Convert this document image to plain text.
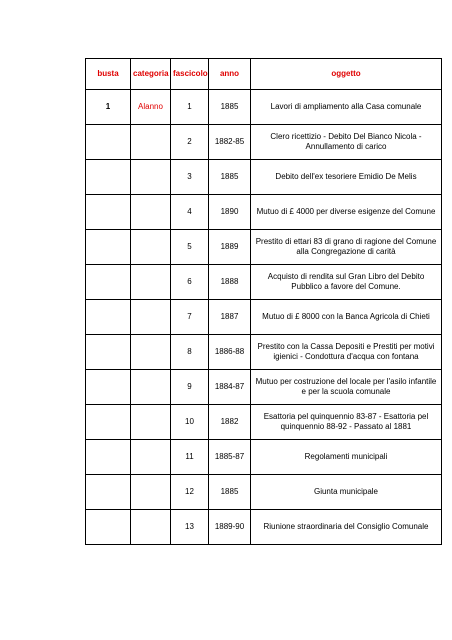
busta	categoria	fascicolo	anno	oggetto
1	Alanno	1	1885	Lavori di ampliamento alla Casa comunale
		2	1882-85	Clero ricettizio - Debito Del Bianco Nicola - Annullamento di carico
		3	1885	Debito dell'ex tesoriere Emidio De Melis
		4	1890	Mutuo di £ 4000 per diverse esigenze del Comune
		5	1889	Prestito di ettari 83 di grano di ragione del Comune alla Congregazione di carità
		6	1888	Acquisto di rendita sul Gran Libro del Debito Pubblico a favore del Comune.
		7	1887	Mutuo di £ 8000 con la Banca Agricola di Chieti
		8	1886-88	Prestito con la Cassa Depositi e Prestiti per motivi igienici - Condottura d'acqua con fontana
		9	1884-87	Mutuo per costruzione del locale per l'asilo infantile e per la scuola comunale
		10	1882	Esattoria pel quinquennio 83-87 - Esattoria pel quinquennio 88-92 - Passato al 1881
		11	1885-87	Regolamenti municipali
		12	1885	Giunta municipale
		13	1889-90	Riunione straordinaria del Consiglio Comunale
